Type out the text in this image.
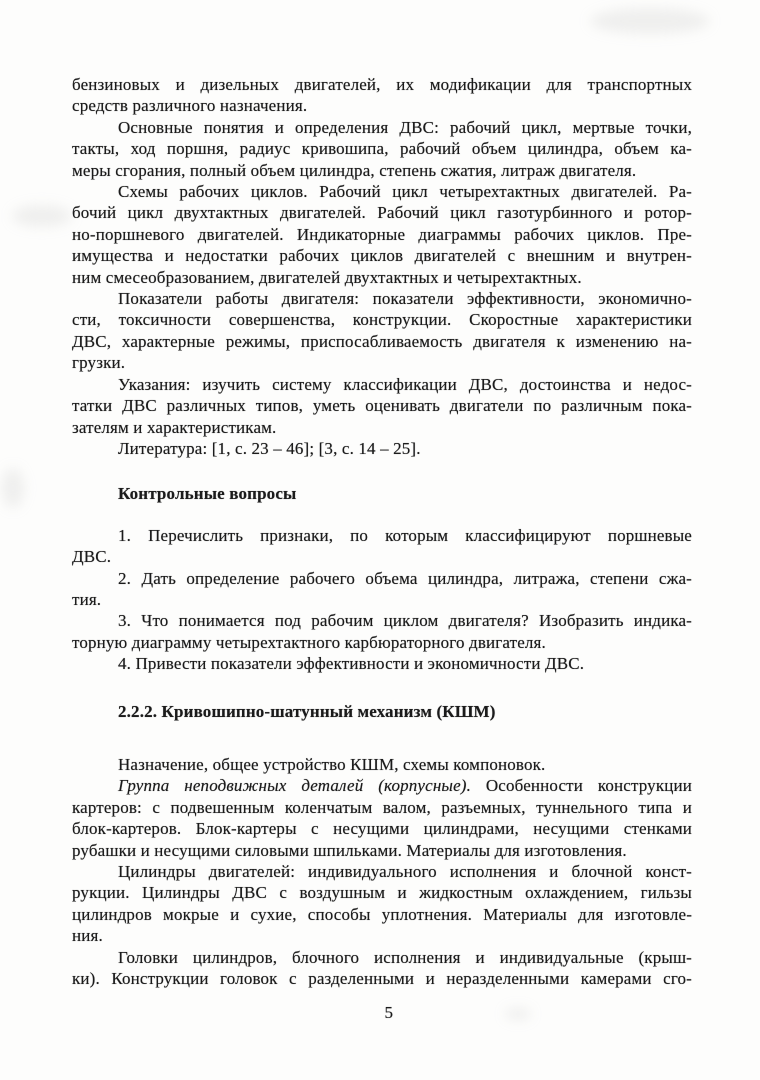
бензиновых и дизельных двигателей, их модификации для транспортных
средств различного назначения.
Основные понятия и определения ДВС: рабочий цикл, мертвые точки,
такты, ход поршня, радиус кривошипа, рабочий объем цилиндра, объем ка-
меры сгорания, полный объем цилиндра, степень сжатия, литраж двигателя.
Схемы рабочих циклов. Рабочий цикл четырехтактных двигателей. Ра-
бочий цикл двухтактных двигателей. Рабочий цикл газотурбинного и ротор-
но-поршневого двигателей. Индикаторные диаграммы рабочих циклов. Пре-
имущества и недостатки рабочих циклов двигателей с внешним и внутрен-
ним смесеобразованием, двигателей двухтактных и четырехтактных.
Показатели работы двигателя: показатели эффективности, экономично-
сти, токсичности совершенства, конструкции. Скоростные характеристики
ДВС, характерные режимы, приспосабливаемость двигателя к изменению на-
грузки.
Указания: изучить систему классификации ДВС, достоинства и недос-
татки ДВС различных типов, уметь оценивать двигатели по различным пока-
зателям и характеристикам.
Литература: [1, с. 23 – 46]; [3, с. 14 – 25].
Контрольные вопросы
1. Перечислить признаки, по которым классифицируют поршневые
ДВС.
2. Дать определение рабочего объема цилиндра, литража, степени сжа-
тия.
3. Что понимается под рабочим циклом двигателя? Изобразить индика-
торную диаграмму четырехтактного карбюраторного двигателя.
4. Привести показатели эффективности и экономичности ДВС.
2.2.2. Кривошипно-шатунный механизм (КШМ)
Назначение, общее устройство КШМ, схемы компоновок.
Группа неподвижных деталей (корпусные). Особенности конструкции
картеров: с подвешенным коленчатым валом, разъемных, туннельного типа и
блок-картеров. Блок-картеры с несущими цилиндрами, несущими стенками
рубашки и несущими силовыми шпильками. Материалы для изготовления.
Цилиндры двигателей: индивидуального исполнения и блочной конст-
рукции. Цилиндры ДВС с воздушным и жидкостным охлаждением, гильзы
цилиндров мокрые и сухие, способы уплотнения. Материалы для изготовле-
ния.
Головки цилиндров, блочного исполнения и индивидуальные (крыш-
ки). Конструкции головок с разделенными и неразделенными камерами сго-
5
